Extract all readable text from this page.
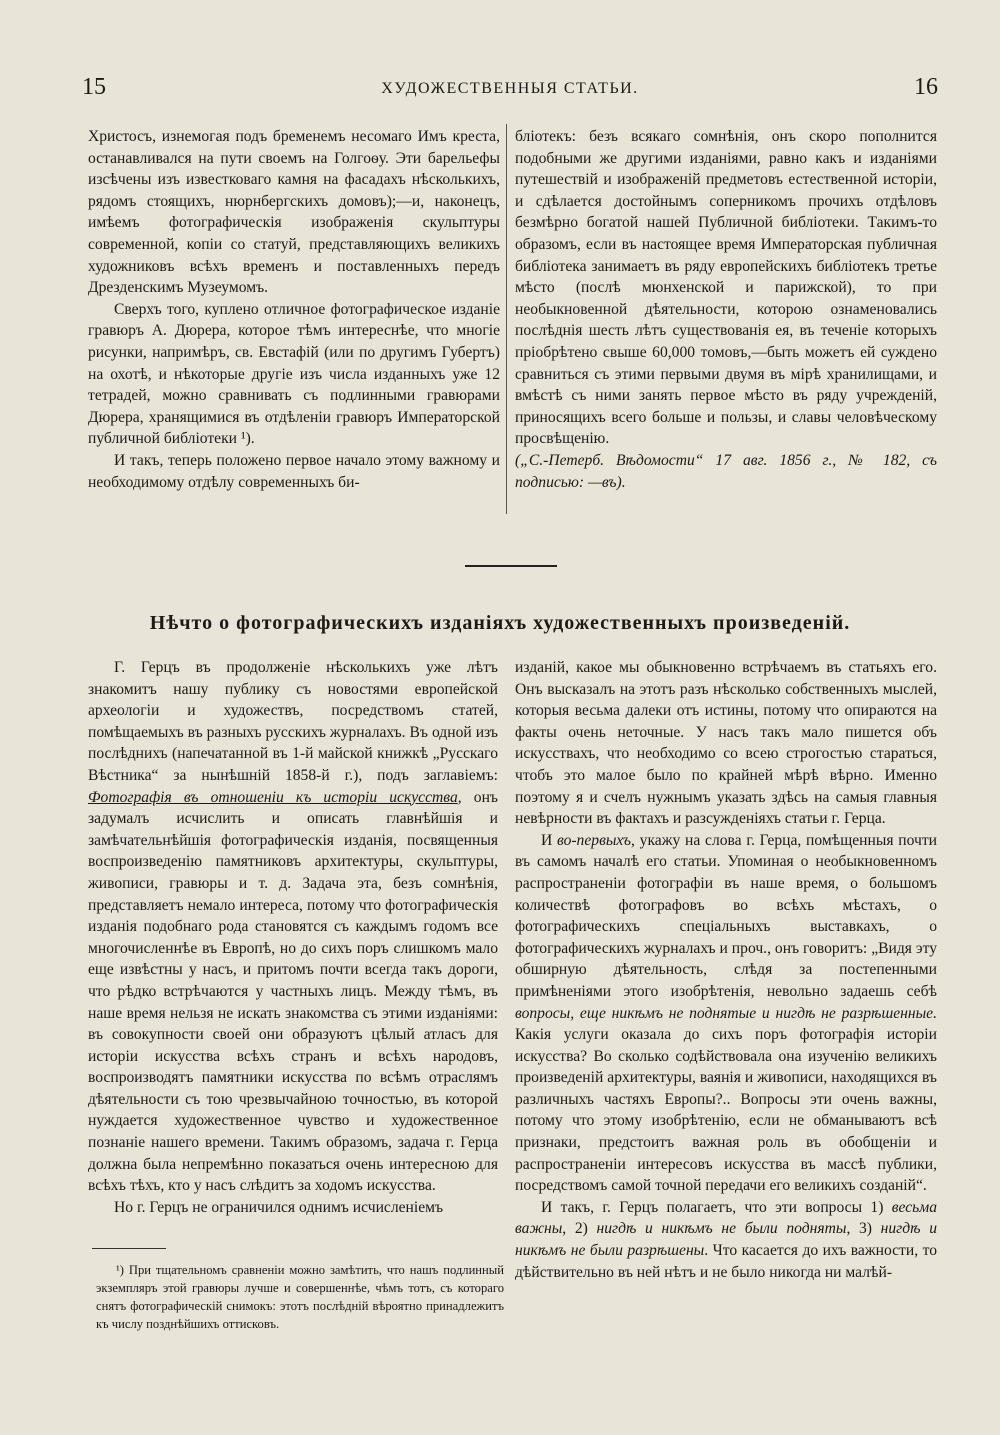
15	ХУДОЖЕСТВЕННЫЯ СТАТЬИ.	16

Христосъ, изнемогая подъ бременемъ несомаго Имъ креста, останавливался на пути своемъ на Голгоѳу. Эти барельефы изсѣчены изъ известковаго камня на фасадахъ нѣсколькихъ, рядомъ стоящихъ, нюрнбергскихъ домовъ);—и, наконецъ, имѣемъ фотографическія изображенія скульптуры современной, копіи со статуй, представляющихъ великихъ художниковъ всѣхъ временъ и поставленныхъ передъ Дрезденскимъ Музеумомъ.

Сверхъ того, куплено отличное фотографическое изданіе гравюръ А. Дюрера, которое тѣмъ интереснѣе, что многіе рисунки, напримѣръ, св. Евстафій (или по другимъ Губертъ) на охотѣ, и нѣкоторые другіе изъ числа изданныхъ уже 12 тетрадей, можно сравнивать съ подлинными гравюрами Дюрера, хранящимися въ отдѣленіи гравюръ Императорской публичной библіотеки ¹).

И такъ, теперь положено первое начало этому важному и необходимому отдѣлу современныхъ би-

бліотекъ: безъ всякаго сомнѣнія, онъ скоро пополнится подобными же другими изданіями, равно какъ и изданіями путешествій и изображеній предметовъ естественной исторіи, и сдѣлается достойнымъ соперникомъ прочихъ отдѣловъ безмѣрно богатой нашей Публичной библіотеки. Такимъ-то образомъ, если въ настоящее время Императорская публичная библіотека занимаетъ въ ряду европейскихъ библіотекъ третье мѣсто (послѣ мюнхенской и парижской), то при необыкновенной дѣятельности, которою ознаменовались послѣднія шесть лѣтъ существованія ея, въ теченіе которыхъ пріобрѣтено свыше 60,000 томовъ,—быть можетъ ей суждено сравниться съ этими первыми двумя въ мірѣ хранилищами, и вмѣстѣ съ ними занять первое мѣсто въ ряду учрежденій, приносящихъ всего больше и пользы, и славы человѣческому просвѣщенію.

(„С.-Петерб. Вѣдомости“ 17 авг. 1856 г., № 182, съ подписью: —въ).

Нѣчто о фотографическихъ изданіяхъ художественныхъ произведеній.

Г. Герцъ въ продолженіе нѣсколькихъ уже лѣтъ знакомитъ нашу публику съ новостями европейской археологіи и художествъ, посредствомъ статей, помѣщаемыхъ въ разныхъ русскихъ журналахъ. Въ одной изъ послѣднихъ (напечатанной въ 1-й майской книжкѣ „Русскаго Вѣстника“ за нынѣшній 1858-й г.), подъ заглавіемъ: Фотографія въ отношеніи къ исторіи искусства, онъ задумалъ исчислить и описать главнѣйшія и замѣчательнѣйшія фотографическія изданія, посвященныя воспроизведенію памятниковъ архитектуры, скульптуры, живописи, гравюры и т. д. Задача эта, безъ сомнѣнія, представляетъ немало интереса, потому что фотографическія изданія подобнаго рода становятся съ каждымъ годомъ все многочисленнѣе въ Европѣ, но до сихъ поръ слишкомъ мало еще извѣстны у насъ, и притомъ почти всегда такъ дороги, что рѣдко встрѣчаются у частныхъ лицъ. Между тѣмъ, въ наше время нельзя не искать знакомства съ этими изданіями: въ совокупности своей они образуютъ цѣлый атласъ для исторіи искусства всѣхъ странъ и всѣхъ народовъ, воспроизводятъ памятники искусства по всѣмъ отраслямъ дѣятельности съ тою чрезвычайною точностью, въ которой нуждается художественное чувство и художественное познаніе нашего времени. Такимъ образомъ, задача г. Герца должна была непремѣнно показаться очень интересною для всѣхъ тѣхъ, кто у насъ слѣдитъ за ходомъ искусства.

Но г. Герцъ не ограничился однимъ исчисленіемъ

¹) При тщательномъ сравненіи можно замѣтить, что нашъ подлинный экземпляръ этой гравюры лучше и совершеннѣе, чѣмъ тотъ, съ котораго снятъ фотографическій снимокъ: этотъ послѣдній вѣроятно принадлежитъ къ числу позднѣйшихъ оттисковъ.

изданій, какое мы обыкновенно встрѣчаемъ въ статьяхъ его. Онъ высказалъ на этотъ разъ нѣсколько собственныхъ мыслей, которыя весьма далеки отъ истины, потому что опираются на факты очень неточные. У насъ такъ мало пишется объ искусствахъ, что необходимо со всею строгостью стараться, чтобъ это малое было по крайней мѣрѣ вѣрно. Именно поэтому я и счелъ нужнымъ указать здѣсь на самыя главныя невѣрности въ фактахъ и разсужденіяхъ статьи г. Герца.

И во-первыхъ, укажу на слова г. Герца, помѣщенныя почти въ самомъ началѣ его статьи. Упоминая о необыкновенномъ распространеніи фотографіи въ наше время, о большомъ количествѣ фотографовъ во всѣхъ мѣстахъ, о фотографическихъ спеціальныхъ выставкахъ, о фотографическихъ журналахъ и проч., онъ говоритъ: „Видя эту обширную дѣятельность, слѣдя за постепенными примѣненіями этого изобрѣтенія, невольно задаешь себѣ вопросы, еще никѣмъ не поднятые и нигдѣ не разрѣшенные. Какія услуги оказала до сихъ поръ фотографія исторіи искусства? Во сколько содѣйствовала она изученію великихъ произведеній архитектуры, ваянія и живописи, находящихся въ различныхъ частяхъ Европы?.. Вопросы эти очень важны, потому что этому изобрѣтенію, если не обманываютъ всѣ признаки, предстоитъ важная роль въ обобщеніи и распространеніи интересовъ искусства въ массѣ публики, посредствомъ самой точной передачи его великихъ созданій“.

И такъ, г. Герцъ полагаетъ, что эти вопросы 1) весьма важны, 2) нигдѣ и никѣмъ не были подняты, 3) нигдѣ и никѣмъ не были разрѣшены. Что касается до ихъ важности, то дѣйствительно въ ней нѣтъ и не было никогда ни малѣй-
